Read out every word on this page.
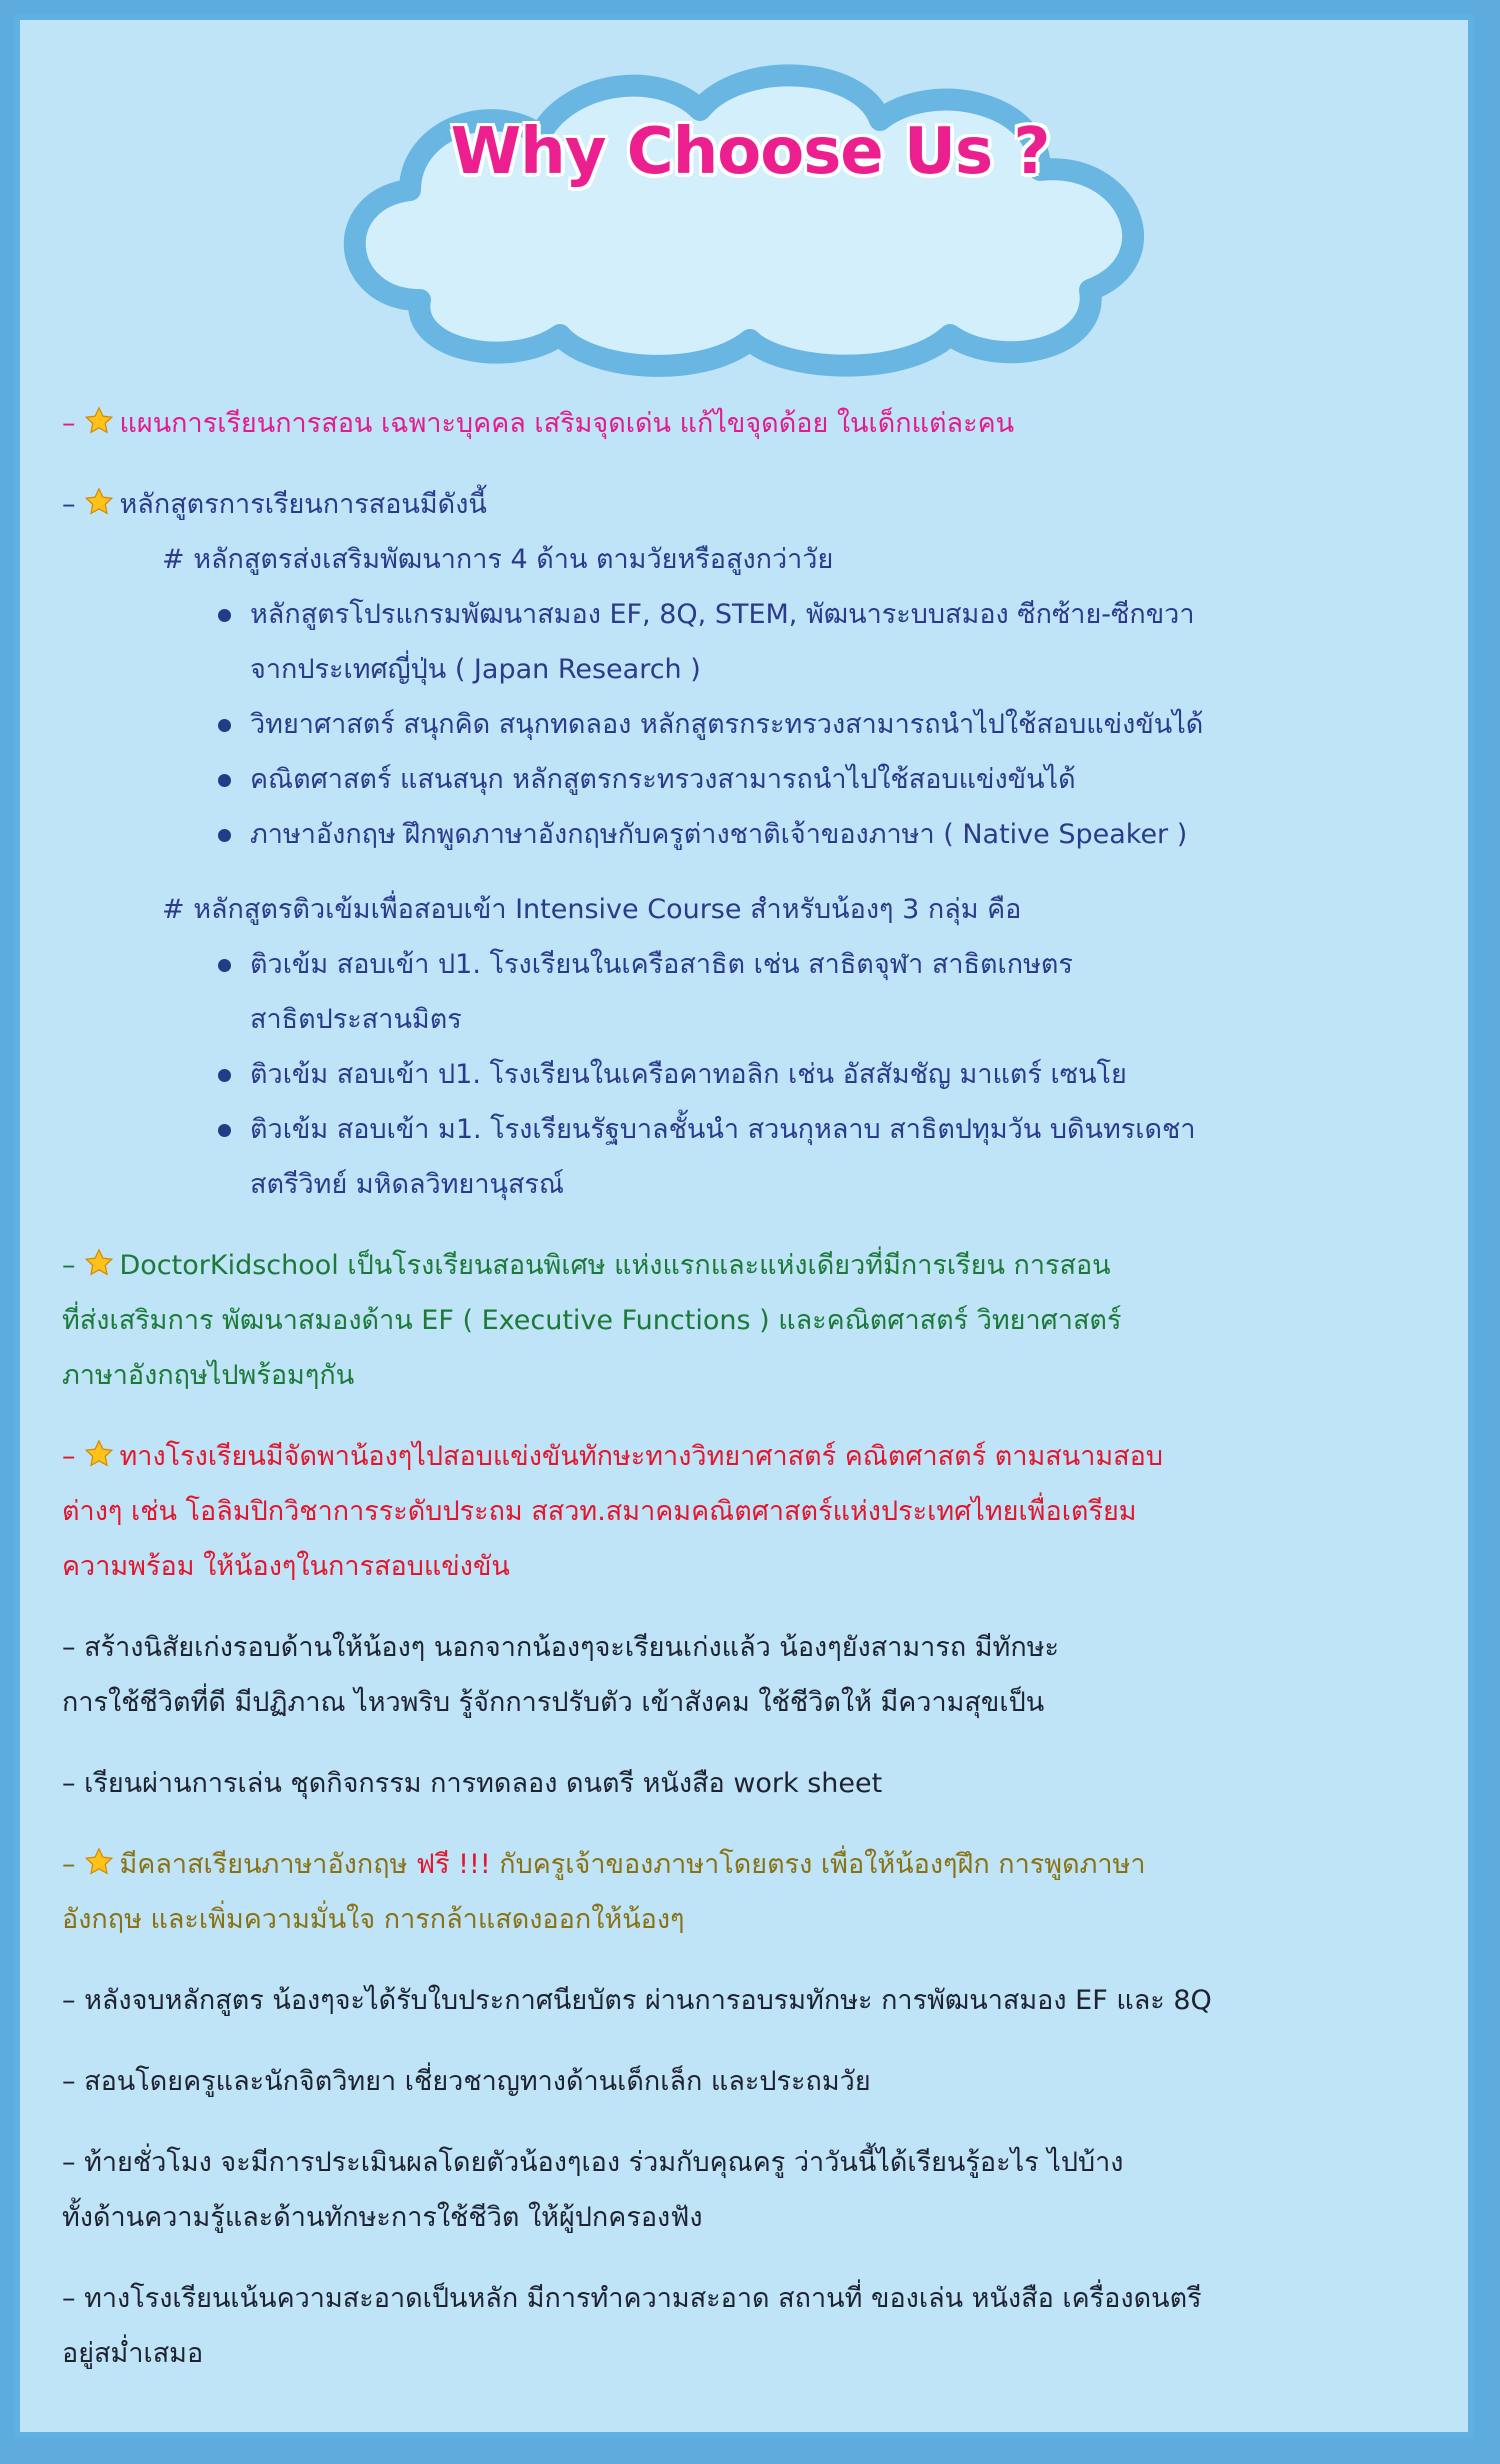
Why Choose Us ?

– แผนการเรียนการสอน เฉพาะบุคคล เสริมจุดเด่น แก้ไขจุดด้อย ในเด็กแต่ละคน

– หลักสูตรการเรียนการสอนมีดังนี้

# หลักสูตรส่งเสริมพัฒนาการ 4 ด้าน ตามวัยหรือสูงกว่าวัย

หลักสูตรโปรแกรมพัฒนาสมอง EF, 8Q, STEM, พัฒนาระบบสมอง ซีกซ้าย-ซีกขวา

จากประเทศญี่ปุ่น ( Japan Research )

วิทยาศาสตร์ สนุกคิด สนุกทดลอง หลักสูตรกระทรวงสามารถนำไปใช้สอบแข่งขันได้

คณิตศาสตร์ แสนสนุก หลักสูตรกระทรวงสามารถนำไปใช้สอบแข่งขันได้

ภาษาอังกฤษ ฝึกพูดภาษาอังกฤษกับครูต่างชาติเจ้าของภาษา ( Native Speaker )

# หลักสูตรติวเข้มเพื่อสอบเข้า Intensive Course สำหรับน้องๆ 3 กลุ่ม คือ

ติวเข้ม สอบเข้า ป1. โรงเรียนในเครือสาธิต เช่น สาธิตจุฬา สาธิตเกษตร

สาธิตประสานมิตร

ติวเข้ม สอบเข้า ป1. โรงเรียนในเครือคาทอลิก เช่น อัสสัมชัญ มาแตร์ เซนโย

ติวเข้ม สอบเข้า ม1. โรงเรียนรัฐบาลชั้นนำ สวนกุหลาบ สาธิตปทุมวัน บดินทรเดชา

สตรีวิทย์ มหิดลวิทยานุสรณ์

– DoctorKidschool เป็นโรงเรียนสอนพิเศษ แห่งแรกและแห่งเดียวที่มีการเรียน การสอน

ที่ส่งเสริมการ พัฒนาสมองด้าน EF ( Executive Functions ) และคณิตศาสตร์ วิทยาศาสตร์

ภาษาอังกฤษไปพร้อมๆกัน

– ทางโรงเรียนมีจัดพาน้องๆไปสอบแข่งขันทักษะทางวิทยาศาสตร์ คณิตศาสตร์ ตามสนามสอบ

ต่างๆ เช่น โอลิมปิกวิชาการระดับประถม สสวท.สมาคมคณิตศาสตร์แห่งประเทศไทยเพื่อเตรียม

ความพร้อม ให้น้องๆในการสอบแข่งขัน

– สร้างนิสัยเก่งรอบด้านให้น้องๆ นอกจากน้องๆจะเรียนเก่งแล้ว น้องๆยังสามารถ มีทักษะ

การใช้ชีวิตที่ดี มีปฏิภาณ ไหวพริบ รู้จักการปรับตัว เข้าสังคม ใช้ชีวิตให้ มีความสุขเป็น

– เรียนผ่านการเล่น ชุดกิจกรรม การทดลอง ดนตรี หนังสือ work sheet

– มีคลาสเรียนภาษาอังกฤษ ฟรี !!! กับครูเจ้าของภาษาโดยตรง เพื่อให้น้องๆฝึก การพูดภาษา

อังกฤษ และเพิ่มความมั่นใจ การกล้าแสดงออกให้น้องๆ

– หลังจบหลักสูตร น้องๆจะได้รับใบประกาศนียบัตร ผ่านการอบรมทักษะ การพัฒนาสมอง EF และ 8Q

– สอนโดยครูและนักจิตวิทยา เชี่ยวชาญทางด้านเด็กเล็ก และประถมวัย

– ท้ายชั่วโมง จะมีการประเมินผลโดยตัวน้องๆเอง ร่วมกับคุณครู ว่าวันนี้ได้เรียนรู้อะไร ไปบ้าง

ทั้งด้านความรู้และด้านทักษะการใช้ชีวิต ให้ผู้ปกครองฟัง

– ทางโรงเรียนเน้นความสะอาดเป็นหลัก มีการทำความสะอาด สถานที่ ของเล่น หนังสือ เครื่องดนตรี

อยู่สม่ำเสมอ
